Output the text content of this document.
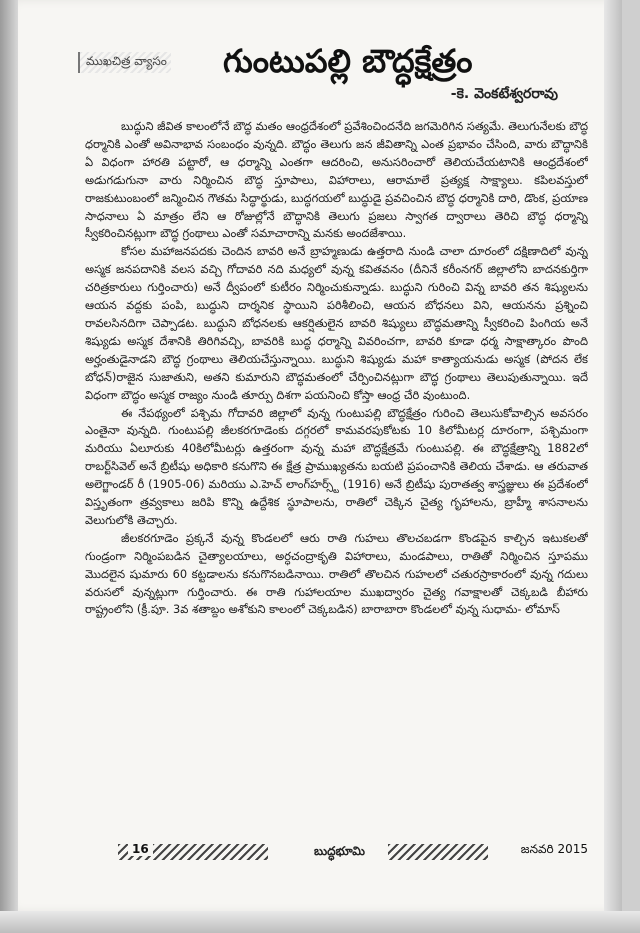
ముఖచిత్ర వ్యాసం గుంటుపల్లి బౌద్ధక్షేత్రం
-కె. వెంకటేశ్వరరావు

బుద్ధుని జీవిత కాలంలోనే బౌద్ధ మతం ఆంధ్రదేశంలో ప్రవేశించిందనేది జగమెరిగిన సత్యమే. తెలుగునేలకు బౌద్ధ ధర్మానికి ఎంతో అవినాభావ సంబంధం వున్నది. బౌద్ధం తెలుగు జన జీవితాన్ని ఎంత ప్రభావం చేసింది, వారు బౌద్ధానికి ఏ విధంగా హారతి పట్టారో, ఆ ధర్మాన్ని ఎంతగా ఆదరించి, అనుసరించారో తెలియచేయటానికి ఆంధ్రదేశంలో అడుగడుగునా వారు నిర్మించిన బౌద్ధ స్తూపాలు, విహారాలు, ఆరామాలే ప్రత్యక్ష సాక్ష్యాలు. కపిలవస్తులో రాజకుటుంబంలో జన్మించిన గౌతమ సిద్ధార్థుడు, బుద్ధగయలో బుద్ధుడై ప్రవచించిన బౌద్ధ ధర్మానికి దారి, డొంక, ప్రయాణ సాధనాలు ఏ మాత్రం లేని ఆ రోజుల్లోనే బౌద్ధానికి తెలుగు ప్రజలు స్వాగత ద్వారాలు తెరిచి బౌద్ధ ధర్మాన్ని స్వీకరించినట్లుగా బౌద్ధ గ్రంథాలు ఎంతో సమాచారాన్ని మనకు అందజేశాయి.

కోసల మహాజనపదకు చెందిన బావరి అనే బ్రాహ్మణుడు ఉత్తరాది నుండి చాలా దూరంలో దక్షిణాదిలో వున్న అస్మక జనపదానికి వలస వచ్చి గోదావరి నది మధ్యలో వున్న కవితవనం (దీనినే కరీంనగర్ జిల్లాలోని బాదనకుర్తిగా చరిత్రకారులు గుర్తించారు) అనే ద్వీపంలో కుటీరం నిర్మించుకున్నాడు. బుద్ధుని గురించి విన్న బావరి తన శిష్యులను ఆయన వద్దకు పంపి, బుద్ధుని దార్శనిక స్థాయిని పరిశీలించి, ఆయన బోధనలు విని, ఆయనను ప్రశ్నించి రావలసినదిగా చెప్పాడట. బుద్ధుని బోధనలకు ఆకర్షితులైన బావరి శిష్యులు బౌద్ధమతాన్ని స్వీకరించి పింగియ అనే శిష్యుడు అస్మక దేశానికి తిరిగివచ్చి, బావరికి బుద్ధ ధర్మాన్ని వివరించగా, బావరి కూడా ధర్మ సాక్షాత్కారం పొంది అర్హంతుడైనాడని బౌద్ధ గ్రంథాలు తెలియచేస్తున్నాయి. బుద్ధుని శిష్యుడు మహా కాత్యాయనుడు అస్మక (పోదన లేక బోధన్)రాజైన సుజాతుని, అతని కుమారుని బౌద్ధమతంలో చేర్పించినట్లుగా బౌద్ధ గ్రంథాలు తెలుపుతున్నాయి. ఇదే విధంగా బౌద్ధం అస్మక రాజ్యం నుండి తూర్పు దిశగా పయనించి కోస్తా ఆంధ్ర చేరి వుంటుంది.

ఈ నేపథ్యంలో పశ్చిమ గోదావరి జిల్లాలో వున్న గుంటుపల్లి బౌద్ధక్షేత్రం గురించి తెలుసుకోవాల్సిన అవసరం ఎంతైనా వున్నది. గుంటుపల్లి జీలకరగూడెంకు దగ్గరలో కామవరపుకోటకు 10 కిలోమీటర్ల దూరంగా, పశ్చిమంగా మరియు ఏలూరుకు 40కిలోమీటర్లు ఉత్తరంగా వున్న మహా బౌద్ధక్షేత్రమే గుంటుపల్లి. ఈ బౌద్ధక్షేత్రాన్ని 1882లో రాబర్ట్‌సివెల్ అనే బ్రిటీషు అధికారి కనుగొని ఈ క్షేత్ర ప్రాముఖ్యతను బయటి ప్రపంచానికి తెలియ చేశాడు. ఆ తరువాత అలెగ్జాండర్ రీ (1905-06) మరియు ఎ.హెచ్ లాంగ్‌హర్స్ట్ (1916) అనే బ్రిటీషు పురాతత్వ శాస్త్రజ్ఞులు ఈ ప్రదేశంలో విస్తృతంగా త్రవ్వకాలు జరిపి కొన్ని ఉద్దేశిక స్థూపాలను, రాతిలో చెక్కిన చైత్య గృహాలను, బ్రాహ్మీ శాసనాలను వెలుగులోకి తెచ్చారు.

జీలకరగూడెం ప్రక్కనే వున్న కొండలలో ఆరు రాతి గుహలు తొలచబడగా కొండపైన కాల్చిన ఇటుకలతో గుండ్రంగా నిర్మింపబడిన చైత్యాలయాలు, అర్ధచంద్రాకృతి విహారాలు, మండపాలు, రాతితో నిర్మించిన స్తూపము మొదలైన షుమారు 60 కట్టడాలను కనుగొనబడినాయి. రాతిలో తొలచిన గుహలలో చతురస్రాకారంలో వున్న గదులు వరుసలో వున్నట్లుగా గుర్తించారు. ఈ రాతి గుహాలయాల ముఖద్వారం చైత్య గవాక్షాలతో చెక్కబడి బీహారు రాష్ట్రంలోని (క్రీ.పూ. 3వ శతాబ్దం అశోకుని కాలంలో చెక్కబడిన) బారాబారా కొండలలో వున్న సుధామ- లోమాస్

16	బుద్ధభూమి	జనవరి 2015
